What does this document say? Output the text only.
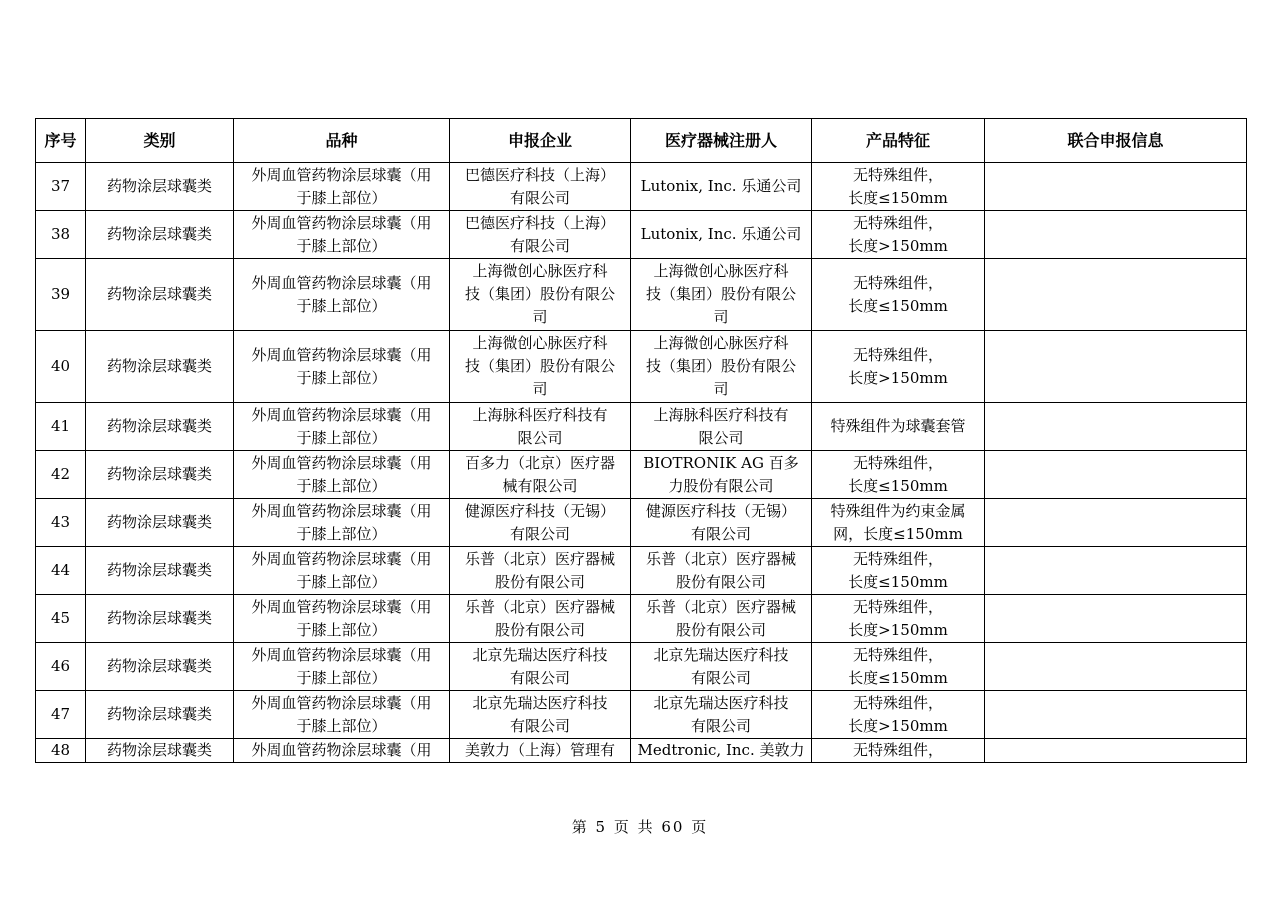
序号	类别	品种	申报企业	医疗器械注册人	产品特征	联合申报信息
37	药物涂层球囊类	外周血管药物涂层球囊（用
于膝上部位）	巴德医疗科技（上海）
有限公司	Lutonix, Inc. 乐通公司	无特殊组件，
长度≤150mm	
38	药物涂层球囊类	外周血管药物涂层球囊（用
于膝上部位）	巴德医疗科技（上海）
有限公司	Lutonix, Inc. 乐通公司	无特殊组件，
长度>150mm	
39	药物涂层球囊类	外周血管药物涂层球囊（用
于膝上部位）	上海微创心脉医疗科
技（集团）股份有限公
司	上海微创心脉医疗科
技（集团）股份有限公
司	无特殊组件，
长度≤150mm	
40	药物涂层球囊类	外周血管药物涂层球囊（用
于膝上部位）	上海微创心脉医疗科
技（集团）股份有限公
司	上海微创心脉医疗科
技（集团）股份有限公
司	无特殊组件，
长度>150mm	
41	药物涂层球囊类	外周血管药物涂层球囊（用
于膝上部位）	上海脉科医疗科技有
限公司	上海脉科医疗科技有
限公司	特殊组件为球囊套管	
42	药物涂层球囊类	外周血管药物涂层球囊（用
于膝上部位）	百多力（北京）医疗器
械有限公司	BIOTRONIK AG 百多
力股份有限公司	无特殊组件，
长度≤150mm	
43	药物涂层球囊类	外周血管药物涂层球囊（用
于膝上部位）	健源医疗科技（无锡）
有限公司	健源医疗科技（无锡）
有限公司	特殊组件为约束金属
网，长度≤150mm	
44	药物涂层球囊类	外周血管药物涂层球囊（用
于膝上部位）	乐普（北京）医疗器械
股份有限公司	乐普（北京）医疗器械
股份有限公司	无特殊组件，
长度≤150mm	
45	药物涂层球囊类	外周血管药物涂层球囊（用
于膝上部位）	乐普（北京）医疗器械
股份有限公司	乐普（北京）医疗器械
股份有限公司	无特殊组件，
长度>150mm	
46	药物涂层球囊类	外周血管药物涂层球囊（用
于膝上部位）	北京先瑞达医疗科技
有限公司	北京先瑞达医疗科技
有限公司	无特殊组件，
长度≤150mm	
47	药物涂层球囊类	外周血管药物涂层球囊（用
于膝上部位）	北京先瑞达医疗科技
有限公司	北京先瑞达医疗科技
有限公司	无特殊组件，
长度>150mm	
48	药物涂层球囊类	外周血管药物涂层球囊（用	美敦力（上海）管理有	Medtronic, Inc. 美敦力	无特殊组件，	
第 5 页 共 60 页
